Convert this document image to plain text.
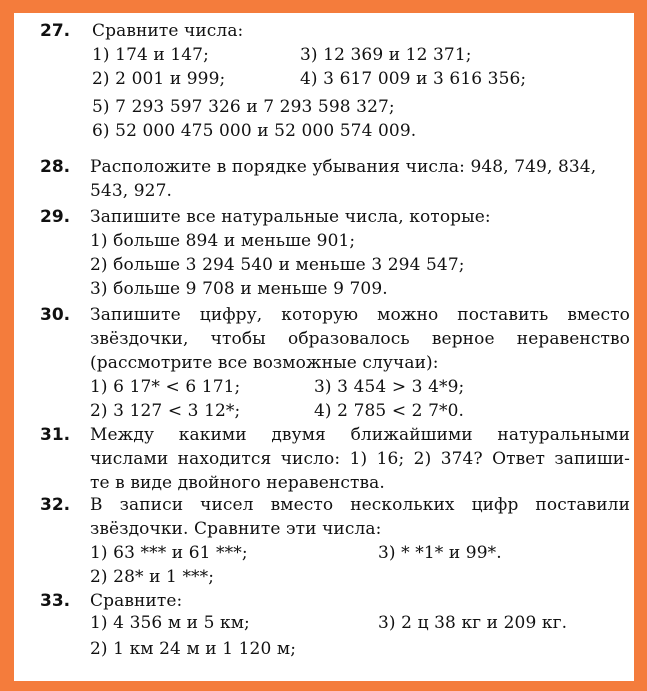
27. Сравните числа:
1) 174 и 147;	3) 12 369 и 12 371;
2) 2 001 и 999;	4) 3 617 009 и 3 616 356;
5) 7 293 597 326 и 7 293 598 327;
6) 52 000 475 000 и 52 000 574 009.
28. Расположите в порядке убывания числа: 948, 749, 834,
543, 927.
29. Запишите все натуральные числа, которые:
1) больше 894 и меньше 901;
2) больше 3 294 540 и меньше 3 294 547;
3) больше 9 708 и меньше 9 709.
30. Запишите цифру, которую можно поставить вместо
звёздочки, чтобы образовалось верное неравенство
(рассмотрите все возможные случаи):
1) 6 17* < 6 171;	3) 3 454 > 3 4*9;
2) 3 127 < 3 12*;	4) 2 785 < 2 7*0.
31. Между какими двумя ближайшими натуральными
числами находится число: 1) 16; 2) 374? Ответ запиши-
те в виде двойного неравенства.
32. В записи чисел вместо нескольких цифр поставили
звёздочки. Сравните эти числа:
1) 63 *** и 61 ***;	3) * *1* и 99*.
2) 28* и 1 ***;
33. Сравните:
1) 4 356 м и 5 км;	3) 2 ц 38 кг и 209 кг.
2) 1 км 24 м и 1 120 м;
